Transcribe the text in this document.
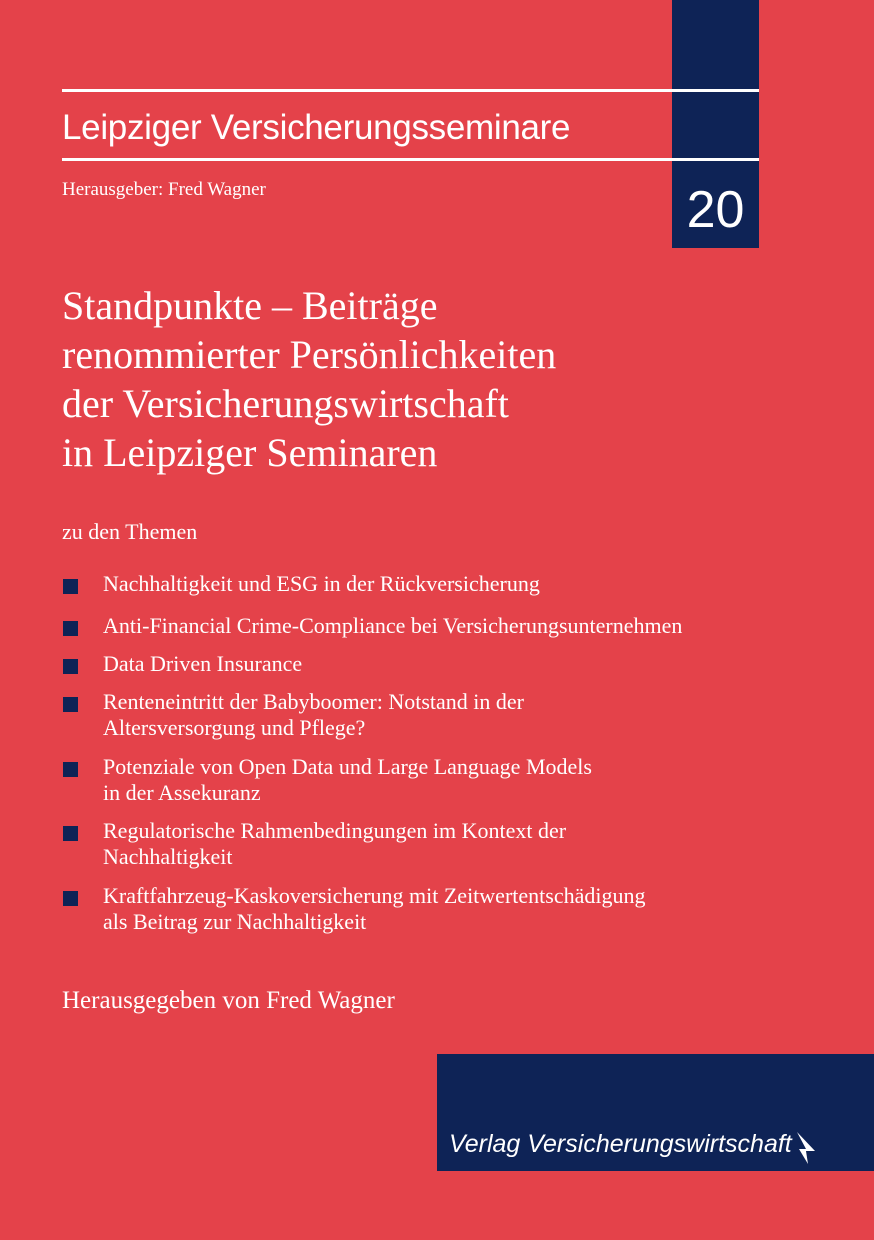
20
Leipziger Versicherungsseminare
Herausgeber: Fred Wagner
Standpunkte – Beiträge
renommierter Persönlichkeiten
der Versicherungswirtschaft
in Leipziger Seminaren
zu den Themen
Nachhaltigkeit und ESG in der Rückversicherung
Anti-Financial Crime-Compliance bei Versicherungsunternehmen
Data Driven Insurance
Renteneintritt der Babyboomer: Notstand in der
Altersversorgung und Pflege?
Potenziale von Open Data und Large Language Models
in der Assekuranz
Regulatorische Rahmenbedingungen im Kontext der
Nachhaltigkeit
Kraftfahrzeug-Kaskoversicherung mit Zeitwertentschädigung
als Beitrag zur Nachhaltigkeit
Herausgegeben von Fred Wagner
Verlag Versicherungswirtschaft
